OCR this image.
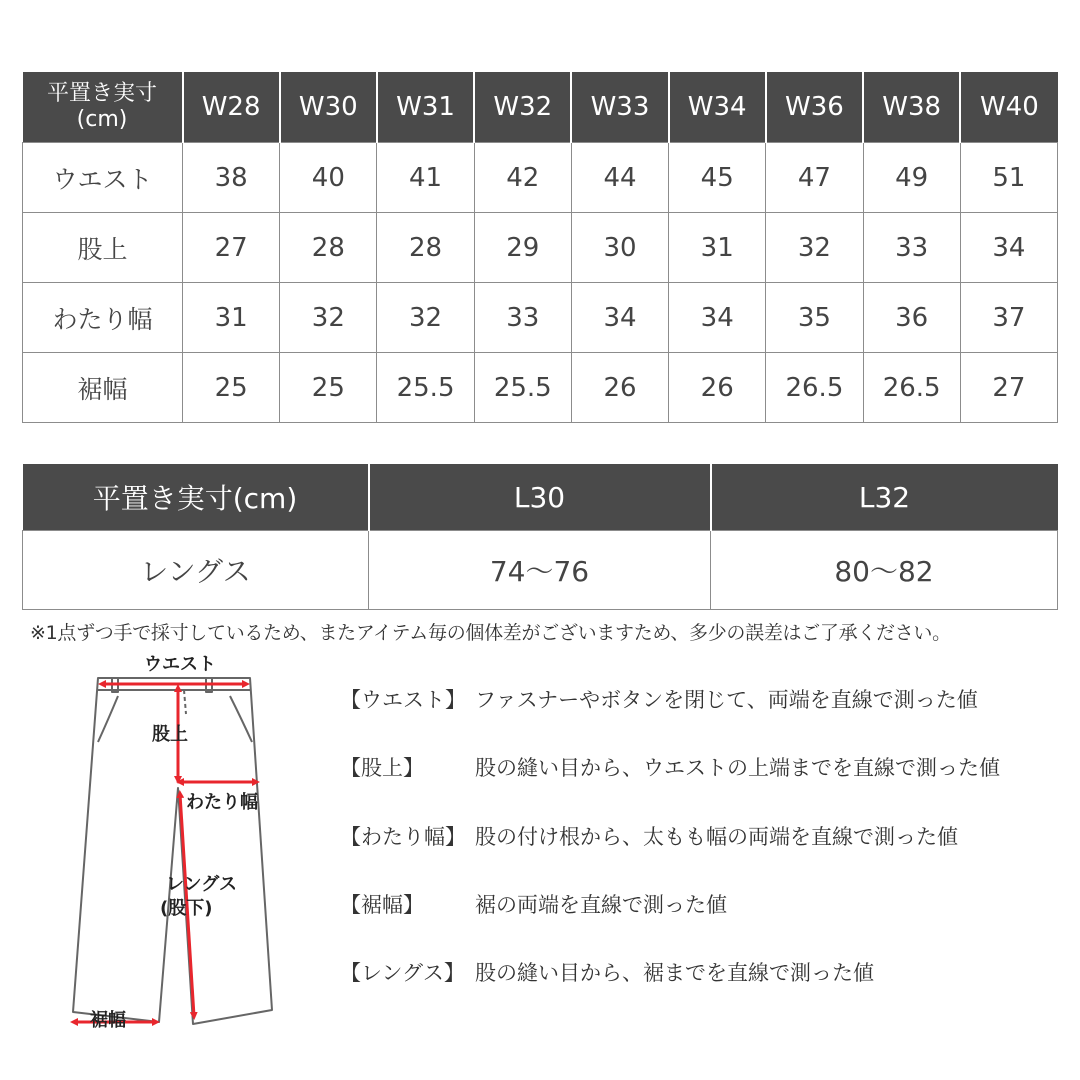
平置き実寸
(cm)	W28	W30	W31	W32	W33	W34	W36	W38	W40
ウエスト	38	40	41	42	44	45	47	49	51
股上	27	28	28	29	30	31	32	33	34
わたり幅	31	32	32	33	34	34	35	36	37
裾幅	25	25	25.5	25.5	26	26	26.5	26.5	27
平置き実寸(cm)	L30	L32
レングス	74〜76	80〜82
※1点ずつ手で採寸しているため、またアイテム毎の個体差がございますため、多少の誤差はご了承ください。
ウエスト
股上
わたり幅
レングス
(股下)
裾幅
【ウエスト】 ファスナーやボタンを閉じて、両端を直線で測った値
【股上】 股の縫い目から、ウエストの上端までを直線で測った値
【わたり幅】 股の付け根から、太もも幅の両端を直線で測った値
【裾幅】 裾の両端を直線で測った値
【レングス】 股の縫い目から、裾までを直線で測った値
